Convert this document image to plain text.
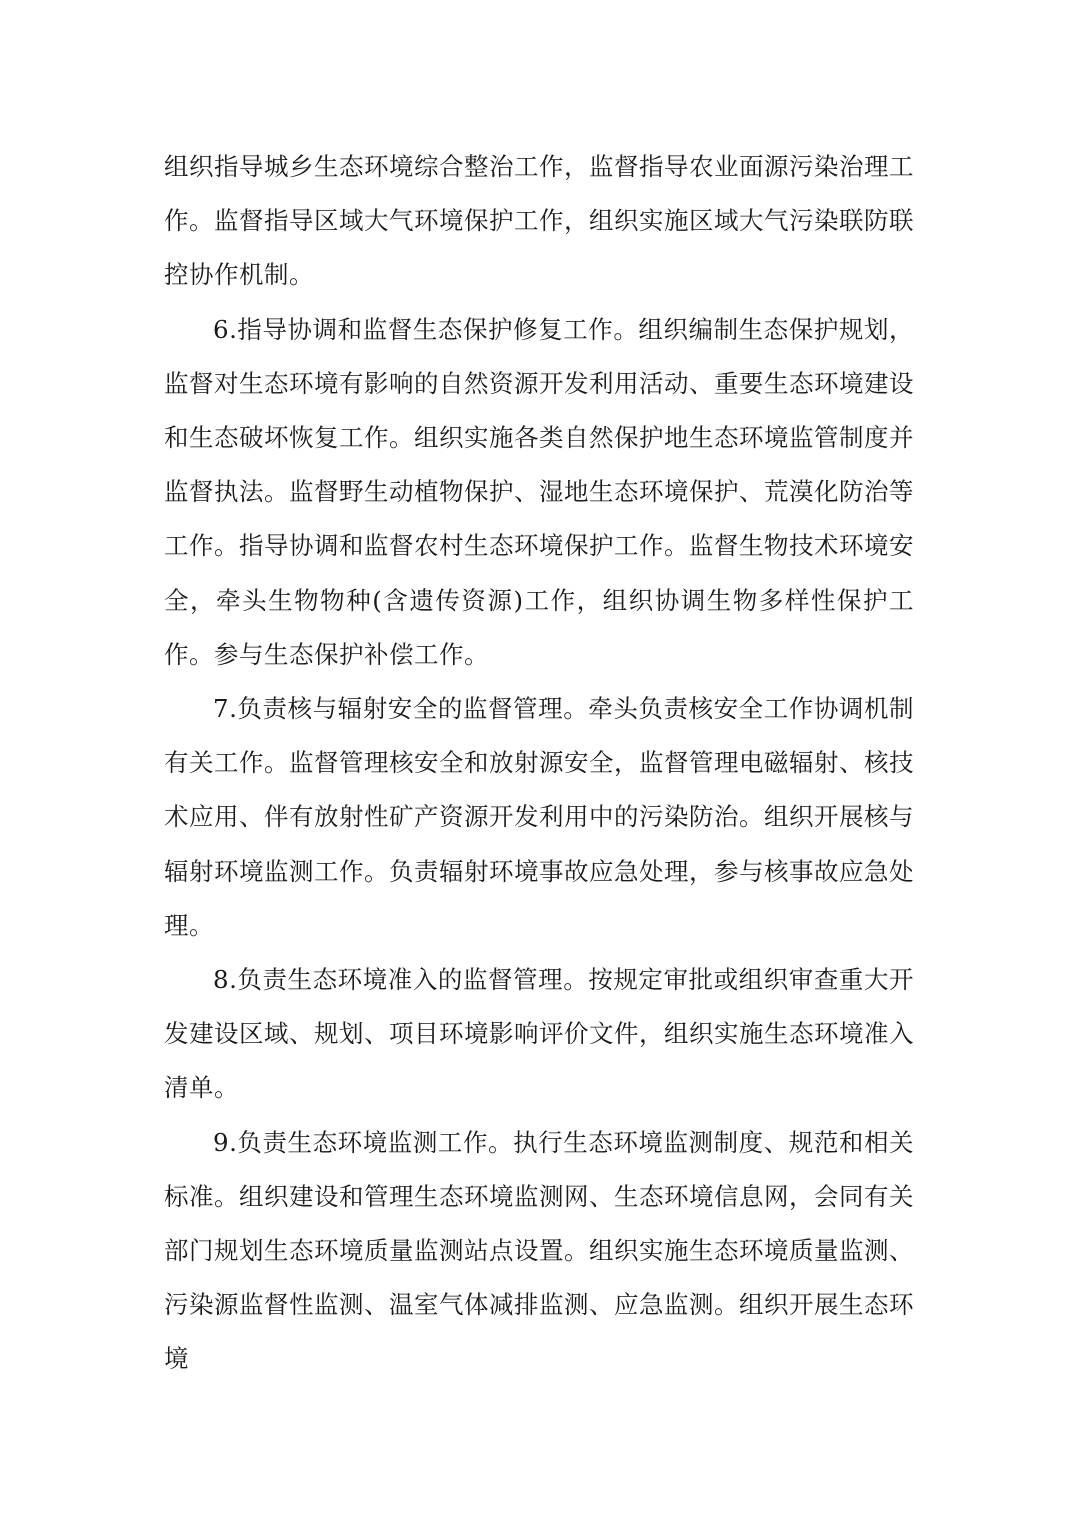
组织指导城乡生态环境综合整治工作，监督指导农业面源污染治理工作。监督指导区域大气环境保护工作，组织实施区域大气污染联防联控协作机制。

6.指导协调和监督生态保护修复工作。组织编制生态保护规划，监督对生态环境有影响的自然资源开发利用活动、重要生态环境建设和生态破坏恢复工作。组织实施各类自然保护地生态环境监管制度并监督执法。监督野生动植物保护、湿地生态环境保护、荒漠化防治等工作。指导协调和监督农村生态环境保护工作。监督生物技术环境安全，牵头生物物种(含遗传资源)工作，组织协调生物多样性保护工作。参与生态保护补偿工作。

7.负责核与辐射安全的监督管理。牵头负责核安全工作协调机制有关工作。监督管理核安全和放射源安全，监督管理电磁辐射、核技术应用、伴有放射性矿产资源开发利用中的污染防治。组织开展核与辐射环境监测工作。负责辐射环境事故应急处理，参与核事故应急处理。

8.负责生态环境准入的监督管理。按规定审批或组织审查重大开发建设区域、规划、项目环境影响评价文件，组织实施生态环境准入清单。

9.负责生态环境监测工作。执行生态环境监测制度、规范和相关标准。组织建设和管理生态环境监测网、生态环境信息网，会同有关部门规划生态环境质量监测站点设置。组织实施生态环境质量监测、污染源监督性监测、温室气体减排监测、应急监测。组织开展生态环境
